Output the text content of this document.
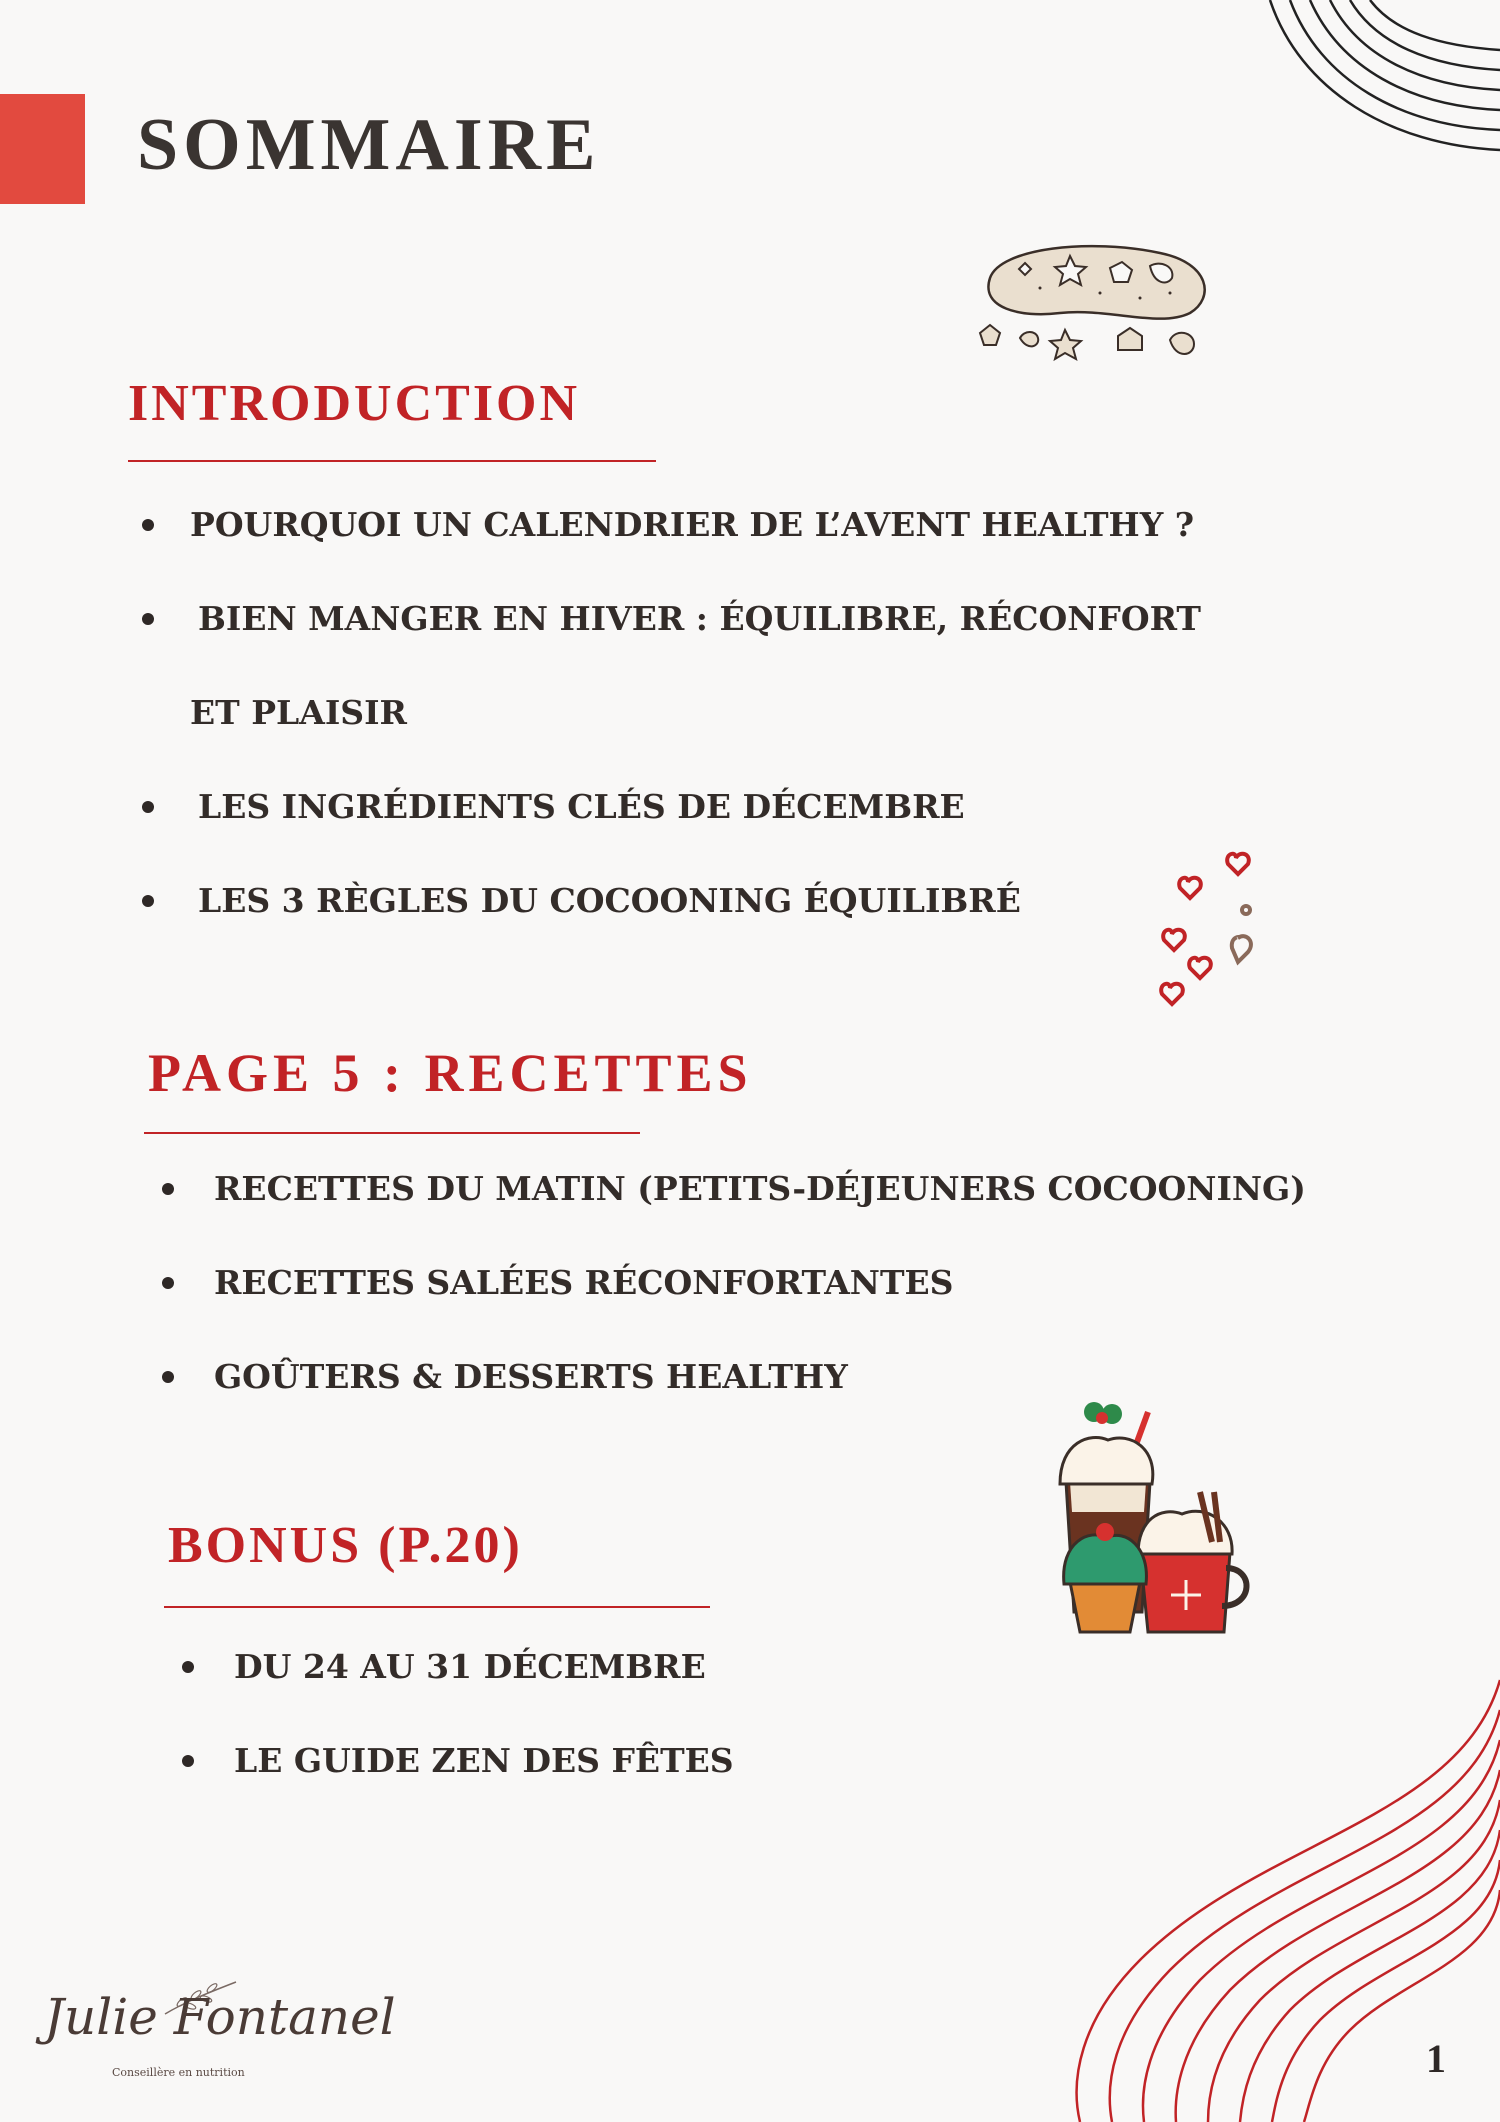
SOMMAIRE
INTRODUCTION
POURQUOI UN CALENDRIER DE L’AVENT HEALTHY ?
BIEN MANGER EN HIVER : ÉQUILIBRE, RÉCONFORT
ET PLAISIR
LES INGRÉDIENTS CLÉS DE DÉCEMBRE
LES 3 RÈGLES DU COCOONING ÉQUILIBRÉ
PAGE 5 : RECETTES
RECETTES DU MATIN (PETITS-DÉJEUNERS COCOONING)
RECETTES SALÉES RÉCONFORTANTES
GOÛTERS & DESSERTS HEALTHY
BONUS (P.20)
DU 24 AU 31 DÉCEMBRE
LE GUIDE ZEN DES FÊTES
Julie Fontanel
Conseillère en nutrition	1
